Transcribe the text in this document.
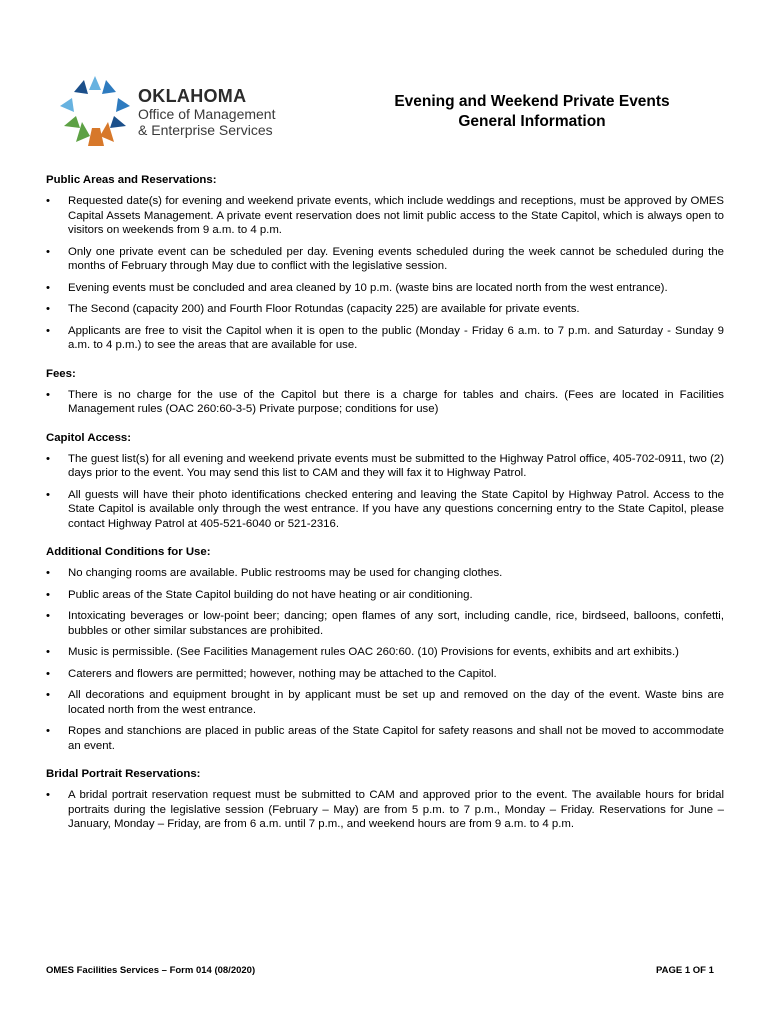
OKLAHOMA
Office of Management
& Enterprise Services
Evening and Weekend Private Events
General Information
Public Areas and Reservations:
• Requested date(s) for evening and weekend private events, which include weddings and receptions, must be approved by OMES Capital Assets Management. A private event reservation does not limit public access to the State Capitol, which is always open to visitors on weekends from 9 a.m. to 4 p.m.
• Only one private event can be scheduled per day. Evening events scheduled during the week cannot be scheduled during the months of February through May due to conflict with the legislative session.
• Evening events must be concluded and area cleaned by 10 p.m. (waste bins are located north from the west entrance).
• The Second (capacity 200) and Fourth Floor Rotundas (capacity 225) are available for private events.
• Applicants are free to visit the Capitol when it is open to the public (Monday - Friday 6 a.m. to 7 p.m. and Saturday - Sunday 9 a.m. to 4 p.m.) to see the areas that are available for use.
Fees:
• There is no charge for the use of the Capitol but there is a charge for tables and chairs. (Fees are located in Facilities Management rules (OAC 260:60-3-5) Private purpose; conditions for use)
Capitol Access:
• The guest list(s) for all evening and weekend private events must be submitted to the Highway Patrol office, 405-702-0911, two (2) days prior to the event. You may send this list to CAM and they will fax it to Highway Patrol.
• All guests will have their photo identifications checked entering and leaving the State Capitol by Highway Patrol. Access to the State Capitol is available only through the west entrance. If you have any questions concerning entry to the State Capitol, please contact Highway Patrol at 405-521-6040 or 521-2316.
Additional Conditions for Use:
• No changing rooms are available. Public restrooms may be used for changing clothes.
• Public areas of the State Capitol building do not have heating or air conditioning.
• Intoxicating beverages or low-point beer; dancing; open flames of any sort, including candle, rice, birdseed, balloons, confetti, bubbles or other similar substances are prohibited.
• Music is permissible. (See Facilities Management rules OAC 260:60. (10) Provisions for events, exhibits and art exhibits.)
• Caterers and flowers are permitted; however, nothing may be attached to the Capitol.
• All decorations and equipment brought in by applicant must be set up and removed on the day of the event. Waste bins are located north from the west entrance.
• Ropes and stanchions are placed in public areas of the State Capitol for safety reasons and shall not be moved to accommodate an event.
Bridal Portrait Reservations:
• A bridal portrait reservation request must be submitted to CAM and approved prior to the event. The available hours for bridal portraits during the legislative session (February – May) are from 5 p.m. to 7 p.m., Monday – Friday. Reservations for June – January, Monday – Friday, are from 6 a.m. until 7 p.m., and weekend hours are from 9 a.m. to 4 p.m.
OMES Facilities Services – Form 014 (08/2020)	PAGE 1 OF 1
